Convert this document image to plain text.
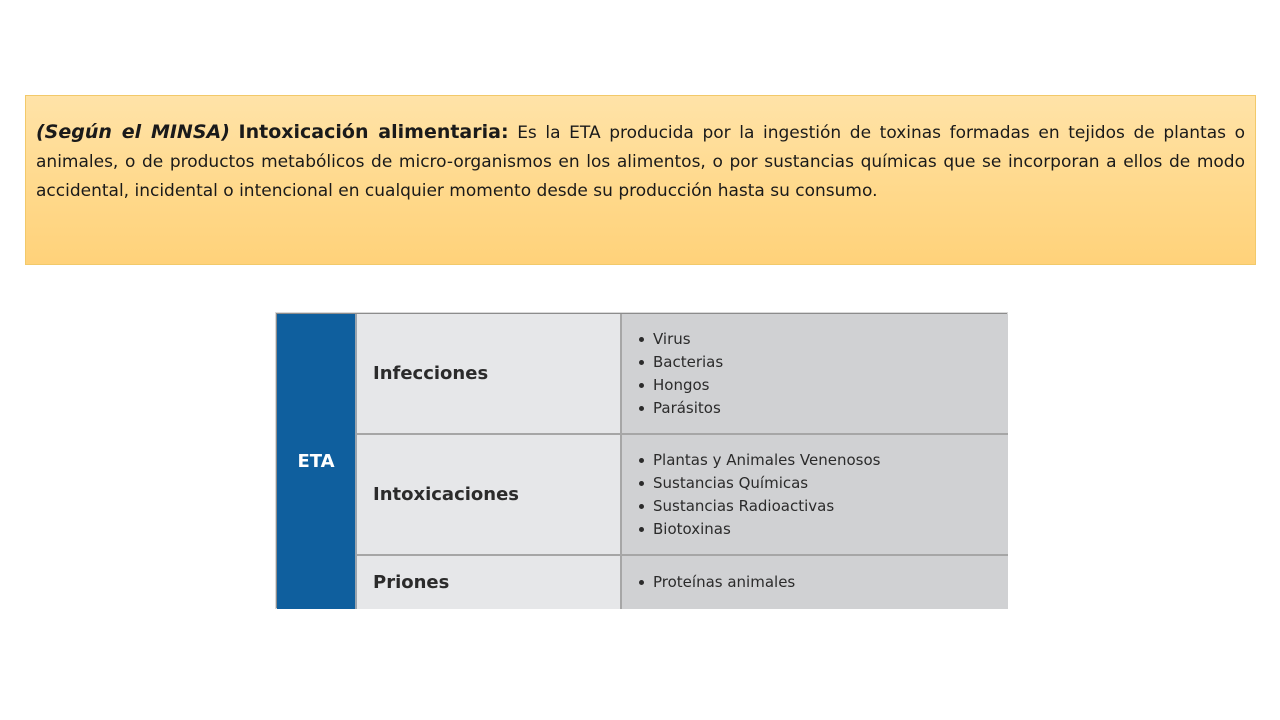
(Según el MINSA) Intoxicación alimentaria: Es la ETA producida por la ingestión de toxinas formadas en tejidos de plantas o animales, o de productos metabólicos de micro-organismos en los alimentos, o por sustancias químicas que se incorporan a ellos de modo accidental, incidental o intencional en cualquier momento desde su producción hasta su consumo.

ETA
Infecciones
Virus
Bacterias
Hongos
Parásitos
Intoxicaciones
Plantas y Animales Venenosos
Sustancias Químicas
Sustancias Radioactivas
Biotoxinas
Priones	Proteínas animales
